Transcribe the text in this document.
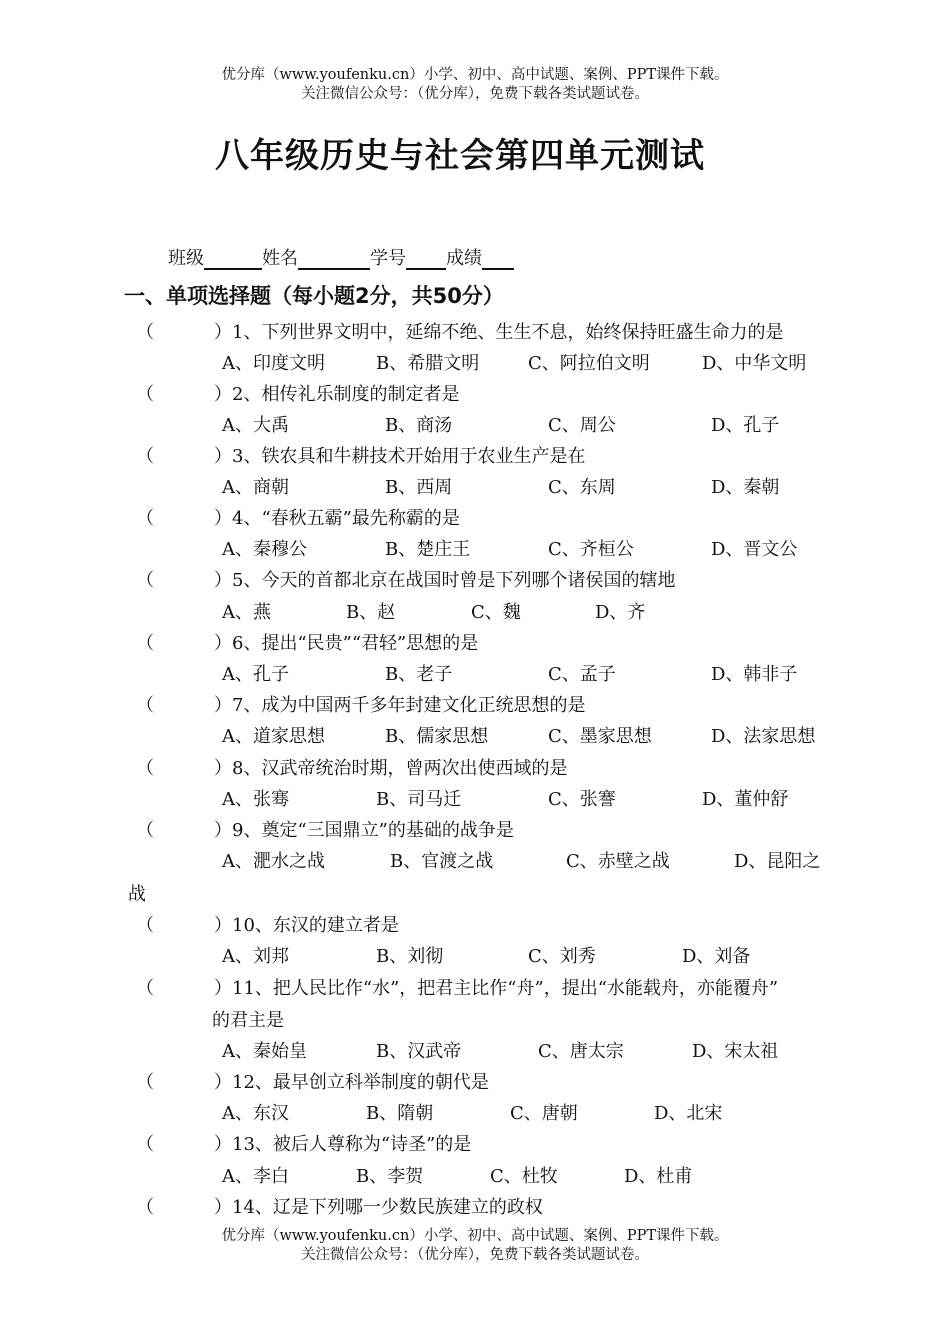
优分库（www.youfenku.cn）小学、初中、高中试题、案例、PPT课件下载。
关注微信公众号：（优分库），免费下载各类试题试卷。
八年级历史与社会第四单元测试
班级	姓名	学号 成绩
一、单项选择题（每小题2分，共50分）
（	）1、下列世界文明中，延绵不绝、生生不息，始终保持旺盛生命力的是
A、印度文明	B、希腊文明	C、阿拉伯文明	D、中华文明
（	）2、相传礼乐制度的制定者是
A、大禹	B、商汤	C、周公	D、孔子
（	）3、铁农具和牛耕技术开始用于农业生产是在
A、商朝	B、西周	C、东周	D、秦朝
（	）4、“春秋五霸”最先称霸的是
A、秦穆公	B、楚庄王	C、齐桓公	D、晋文公
（	）5、今天的首都北京在战国时曾是下列哪个诸侯国的辖地
A、燕	B、赵	C、魏	D、齐
（	）6、提出“民贵”“君轻”思想的是
A、孔子	B、老子	C、孟子	D、韩非子
（	）7、成为中国两千多年封建文化正统思想的是
A、道家思想	B、儒家思想	C、墨家思想	D、法家思想
（	）8、汉武帝统治时期，曾两次出使西域的是
A、张骞	B、司马迁	C、张謇	D、董仲舒
（	）9、奠定“三国鼎立”的基础的战争是
A、淝水之战	B、官渡之战	C、赤壁之战	D、昆阳之
战
（	）10、东汉的建立者是
A、刘邦	B、刘彻	C、刘秀	D、刘备
（	）11、把人民比作“水”，把君主比作“舟”，提出“水能载舟，亦能覆舟”
的君主是
A、秦始皇	B、汉武帝	C、唐太宗	D、宋太祖
（	）12、最早创立科举制度的朝代是
A、东汉	B、隋朝	C、唐朝	D、北宋
（	）13、被后人尊称为“诗圣”的是
A、李白	B、李贺	C、杜牧	D、杜甫
（	）14、辽是下列哪一少数民族建立的政权
优分库（www.youfenku.cn）小学、初中、高中试题、案例、PPT课件下载。
关注微信公众号：（优分库），免费下载各类试题试卷。
